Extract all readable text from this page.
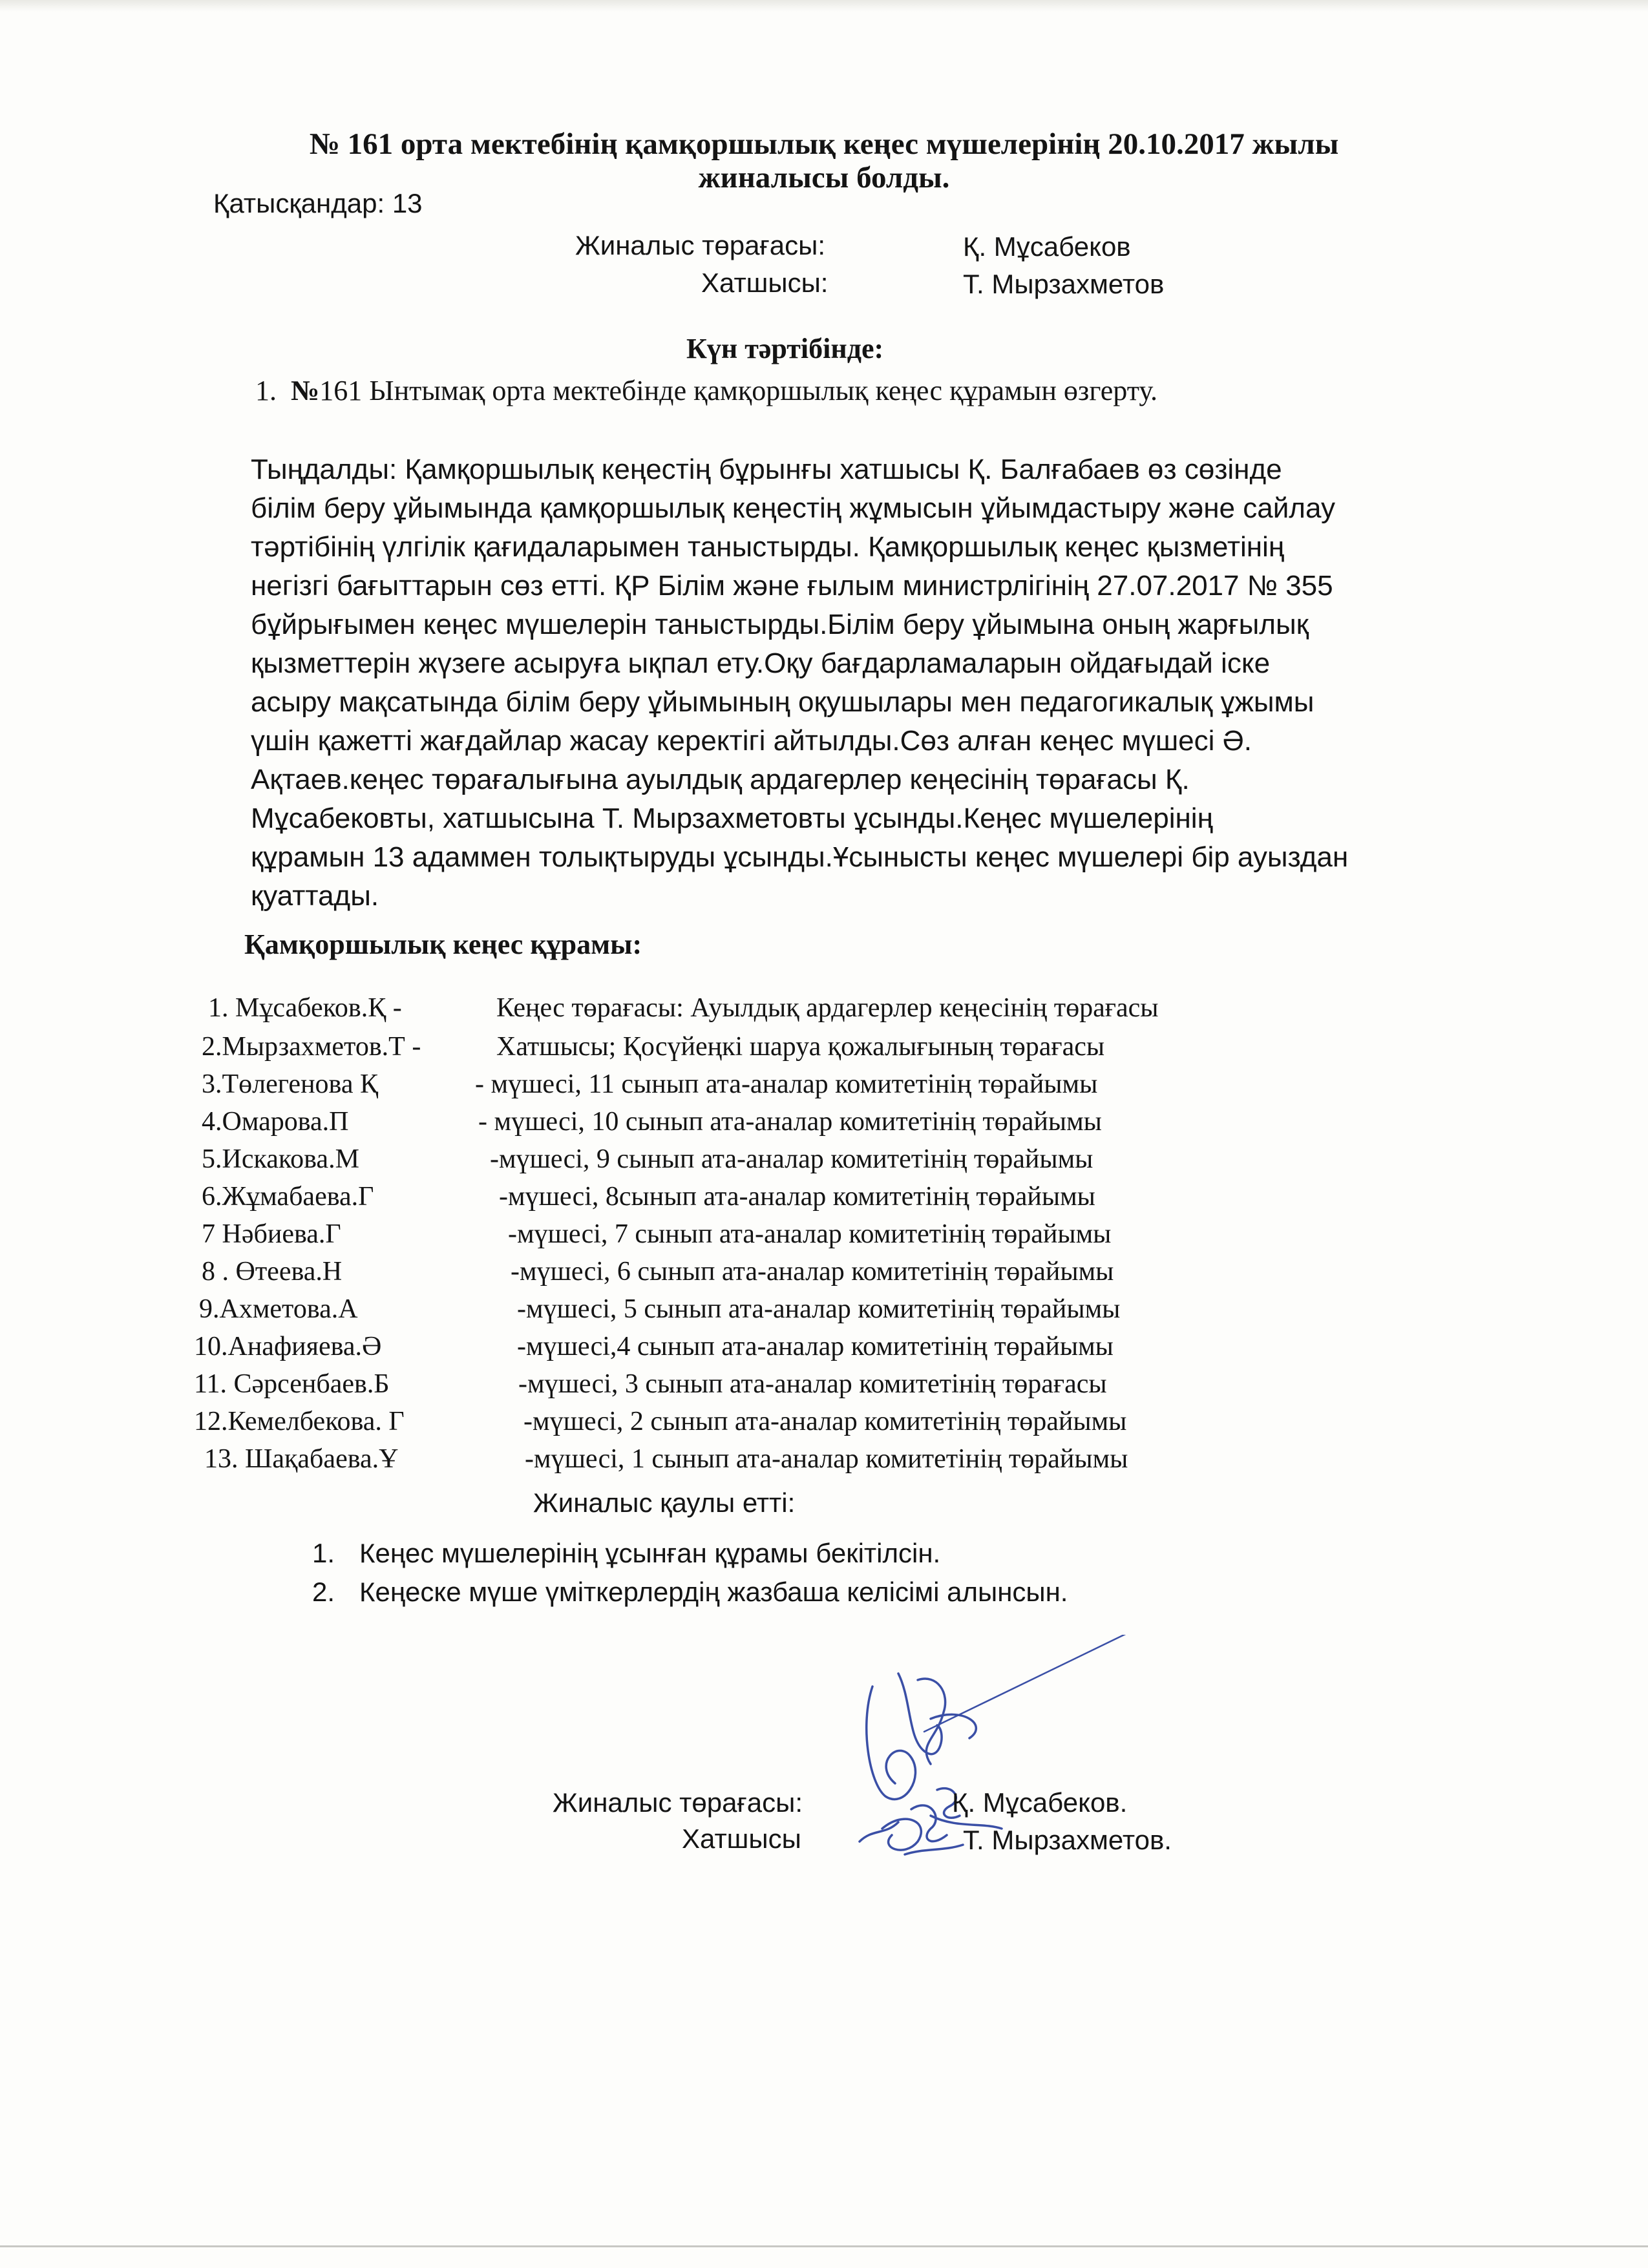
№ 161 орта мектебінің қамқоршылық кеңес мүшелерінің 20.10.2017 жылы
жиналысы болды.
Қатысқандар: 13
Жиналыс төрағасы:	Қ. Мұсабеков
Хатшысы:	Т. Мырзахметов
Күн тәртібінде:
1. №161 Ынтымақ орта мектебінде қамқоршылық кеңес құрамын өзгерту.
Тыңдалды: Қамқоршылық кеңестің бұрынғы хатшысы Қ. Балғабаев өз сөзінде
білім беру ұйымында қамқоршылық кеңестің жұмысын ұйымдастыру және сайлау
тәртібінің үлгілік қағидаларымен таныстырды. Қамқоршылық кеңес қызметінің
негізгі бағыттарын сөз етті. ҚР Білім және ғылым министрлігінің 27.07.2017 № 355
бұйрығымен кеңес мүшелерін таныстырды.Білім беру ұйымына оның жарғылық
қызметтерін жүзеге асыруға ықпал ету.Оқу бағдарламаларын ойдағыдай іске
асыру мақсатында білім беру ұйымының оқушылары мен педагогикалық ұжымы
үшін қажетті жағдайлар жасау керектігі айтылды.Сөз алған кеңес мүшесі Ә.
Ақтаев.кеңес төрағалығына ауылдық ардагерлер кеңесінің төрағасы Қ.
Мұсабековты, хатшысына Т. Мырзахметовты ұсынды.Кеңес мүшелерінің
құрамын 13 адаммен толықтыруды ұсынды.Ұсынысты кеңес мүшелері бір ауыздан
қуаттады.
Қамқоршылық кеңес құрамы:
1. Мұсабеков.Қ -	Кеңес төрағасы: Ауылдық ардагерлер кеңесінің төрағасы
2.Мырзахметов.Т -	Хатшысы; Қосүйеңкі шаруа қожалығының төрағасы
3.Төлегенова Қ	- мүшесі, 11 сынып ата-аналар комитетінің төрайымы
4.Омарова.П	- мүшесі, 10 сынып ата-аналар комитетінің төрайымы
5.Искакова.М	-мүшесі, 9 сынып ата-аналар комитетінің төрайымы
6.Жұмабаева.Г	-мүшесі, 8сынып ата-аналар комитетінің төрайымы
7 Нәбиева.Г	-мүшесі, 7 сынып ата-аналар комитетінің төрайымы
8 . Өтеева.Н	-мүшесі, 6 сынып ата-аналар комитетінің төрайымы
9.Ахметова.А	-мүшесі, 5 сынып ата-аналар комитетінің төрайымы
10.Анафияева.Ә	-мүшесі,4 сынып ата-аналар комитетінің төрайымы
11. Сәрсенбаев.Б	-мүшесі, 3 сынып ата-аналар комитетінің төрағасы
12.Кемелбекова. Г	-мүшесі, 2 сынып ата-аналар комитетінің төрайымы
13. Шақабаева.Ұ	-мүшесі, 1 сынып ата-аналар комитетінің төрайымы
Жиналыс қаулы етті:
1. Кеңес мүшелерінің ұсынған құрамы бекітілсін.
2. Кеңеске мүше үміткерлердің жазбаша келісімі алынсын.
Жиналыс төрағасы:	Қ. Мұсабеков.
Хатшысы	Т. Мырзахметов.
